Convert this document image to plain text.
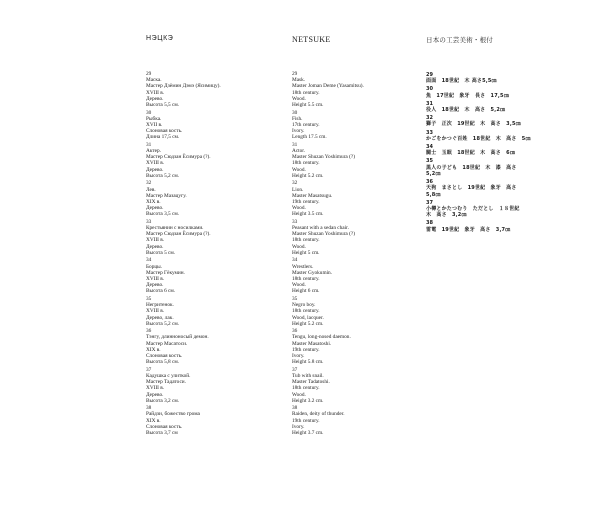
НЭЦКЭ
29
Маска.
Мастер Дзёмин Дэмэ (Ясимицу).
XVIII в.
Дерево.
Высота 5,5 см.
30
Рыбка.
XVII в.
Слоновая кость.
Длина 17,5 см.
31
Актер.
Мастер Сюдзан Ёсимура (?).
XVIII в.
Дерево.
Высота 5,2 см.
32
Лев.
Мастер Мазацугу.
XIX в.
Дерево.
Высота 3,5 см.
33
Крестьянин с носилками.
Мастер Сюдзан Ёсимура (?).
XVIII в.
Дерево.
Высота 5 см.
34
Борцы.
Мастер Гёкумин.
XVIII в.
Дерево.
Высота 6 см.
35
Негритенок.
XVIII в.
Дерево, лак.
Высота 5,2 см.
36
Тэнгу, длинноносый демон.
Мастер Масатоси.
XIX в.
Слоновая кость.
Высота 5,8 см.
37
Кадушка с улиткой.
Мастер Тадатоси.
XVIII в.
Дерево.
Высота 3,2 см.
38
Райдзи, божество грома
XIX в.
Слоновая кость.
Высота 3,7 см
NETSUKE
29
Mask.
Master Joman Deme (Yasamitsu).
18th century.
Wood.
Height 5.5 cm.
30
Fish.
17th century.
Ivory.
Length 17.5 cm.
31
Actor.
Master Shuzan Yoshimura (?)
18th century.
Wood.
Height 5.2 cm.
32
Lion.
Master Masatsugu.
19th century.
Wood.
Height 3.5 cm.
33
Peasant with a sedan chair.
Master Shuzan Yoshimura (?)
18th century.
Wood.
Height 5 cm.
34
Wrestlers.
Master Gyokumin.
18th century.
Wood.
Height 6 cm.
35
Negro boy.
18th century.
Wood, lacquer.
Height 5.2 cm.
36
Tengu, long-nosed daemon.
Master Masatoshi.
19th century.
Ivory.
Height 5.8 cm.
37
Tub with snail.
Master Tadatoshi.
18th century.
Wood.
Height 3.2 cm.
38
Raiden, deity of thunder.
19th century.
Ivory.
Height 3.7 cm.
日本の工芸美術・根付
29
面面　18世紀　木 高さ5,5㎝
30
魚　17世紀　象牙　長さ　17,5㎝
31
役人　18世紀　木　高さ　5,2㎝
32
獅子　正次　19世紀　木　高さ　3,5㎝
33
かごをかつぐ百姓　18世紀　木　高さ　5㎝
34
闘士　玉眠　18世紀　木　高さ　6㎝
35
黒人の子ども　18世紀　木　漆　高さ
5,2㎝
36
天狗　まさとし　19世紀　象牙　高さ
5,8㎝
37
小樽とかたつむり　ただとし　１８世紀
木　高さ　3,2㎝
38
雷電　19世紀　象牙　高さ　3,7㎝
